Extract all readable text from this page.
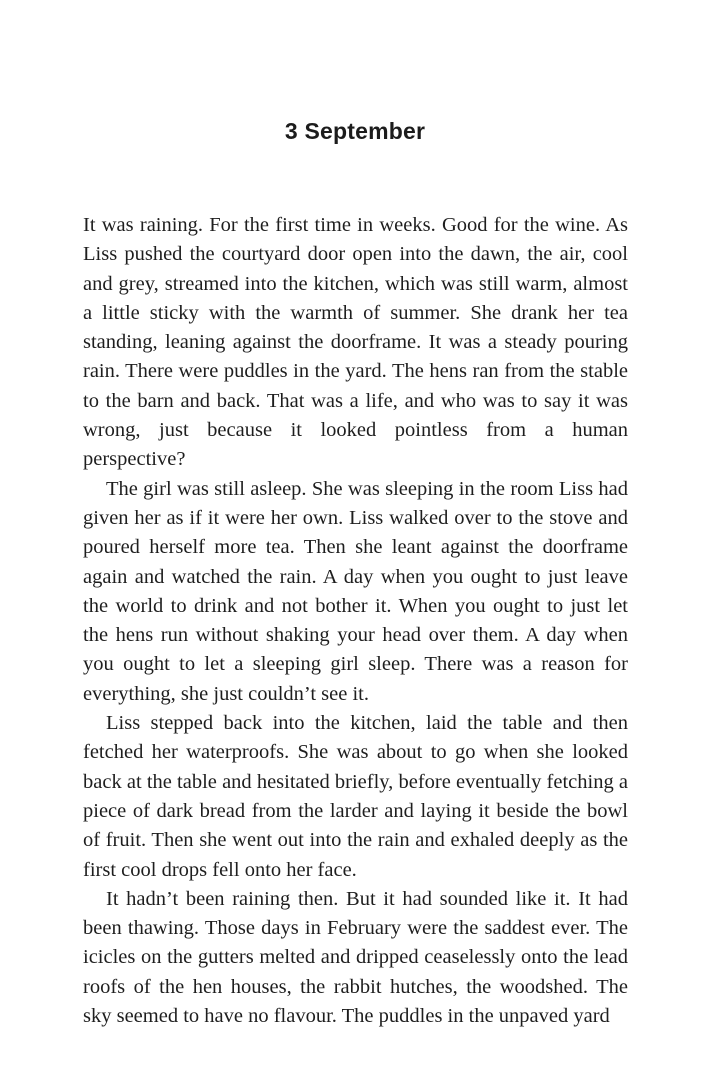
3 September

It was raining. For the first time in weeks. Good for the wine. As Liss pushed the courtyard door open into the dawn, the air, cool and grey, streamed into the kitchen, which was still warm, almost a little sticky with the warmth of summer. She drank her tea standing, leaning against the doorframe. It was a steady pouring rain. There were puddles in the yard. The hens ran from the stable to the barn and back. That was a life, and who was to say it was wrong, just because it looked pointless from a human perspective?

The girl was still asleep. She was sleeping in the room Liss had given her as if it were her own. Liss walked over to the stove and poured herself more tea. Then she leant against the doorframe again and watched the rain. A day when you ought to just leave the world to drink and not bother it. When you ought to just let the hens run without shaking your head over them. A day when you ought to let a sleeping girl sleep. There was a reason for everything, she just couldn’t see it.

Liss stepped back into the kitchen, laid the table and then fetched her waterproofs. She was about to go when she looked back at the table and hesitated briefly, before eventually fetching a piece of dark bread from the larder and laying it beside the bowl of fruit. Then she went out into the rain and exhaled deeply as the first cool drops fell onto her face.

It hadn’t been raining then. But it had sounded like it. It had been thawing. Those days in February were the saddest ever. The icicles on the gutters melted and dripped ceaselessly onto the lead roofs of the hen houses, the rabbit hutches, the woodshed. The sky seemed to have no flavour. The puddles in the unpaved yard
